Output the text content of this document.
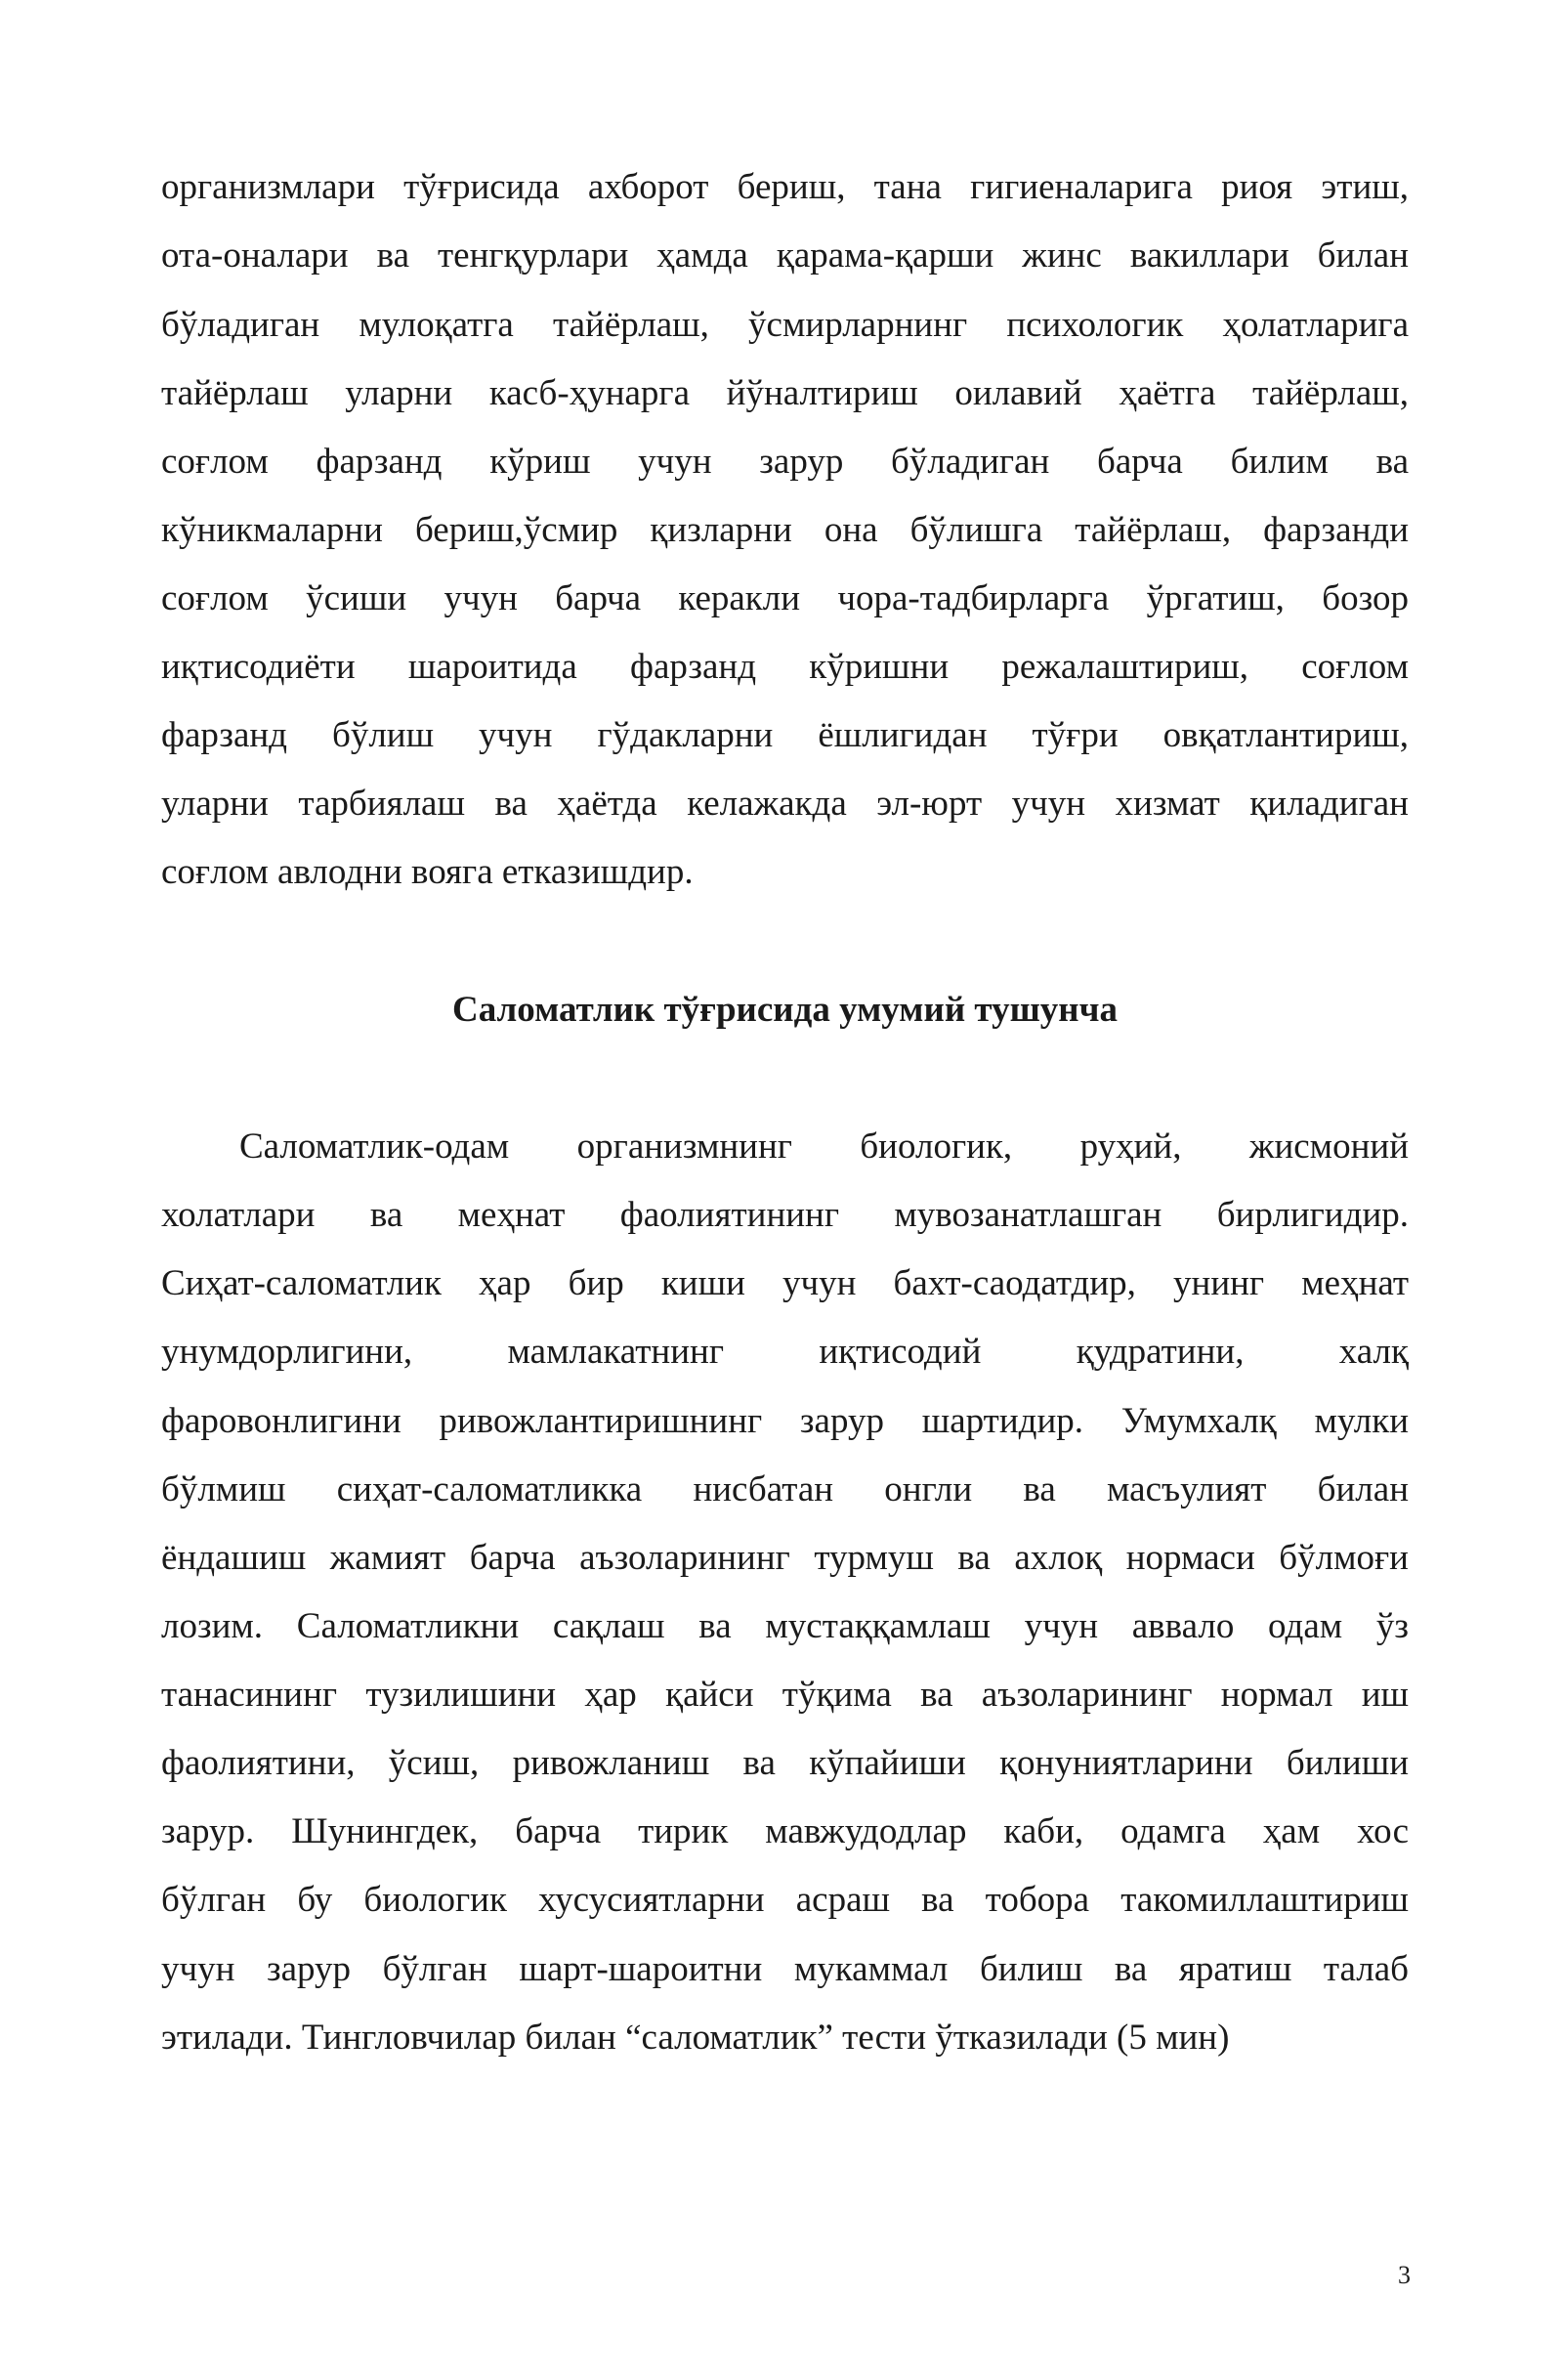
организмлари тўғрисида ахборот бериш, тана гигиеналарига риоя этиш,
ота-оналари ва тенгқурлари ҳамда қарама-қарши жинс вакиллари билан
бўладиган мулоқатга тайёрлаш, ўсмирларнинг психологик ҳолатларига
тайёрлаш уларни касб-ҳунарга йўналтириш оилавий ҳаётга тайёрлаш,
соғлом фарзанд кўриш учун зарур бўладиган барча билим ва
кўникмаларни бериш,ўсмир қизларни она бўлишга тайёрлаш, фарзанди
соғлом ўсиши учун барча керакли чора-тадбирларга ўргатиш, бозор
иқтисодиёти шароитида фарзанд кўришни режалаштириш, соғлом
фарзанд бўлиш учун гўдакларни ёшлигидан тўғри овқатлантириш,
уларни тарбиялаш ва ҳаётда келажакда эл-юрт учун хизмат қиладиган
соғлом авлодни вояга етказишдир.
Саломатлик тўғрисида умумий тушунча
Саломатлик-одам организмнинг биологик, руҳий, жисмоний
холатлари ва меҳнат фаолиятининг мувозанатлашган бирлигидир.
Сиҳат-саломатлик ҳар бир киши учун бахт-саодатдир, унинг меҳнат
унумдорлигини, мамлакатнинг иқтисодий қудратини, халқ
фаровонлигини ривожлантиришнинг зарур шартидир. Умумхалқ мулки
бўлмиш сиҳат-саломатликка нисбатан онгли ва масъулият билан
ёндашиш жамият барча аъзоларининг турмуш ва ахлоқ нормаси бўлмоғи
лозим. Саломатликни сақлаш ва мустаққамлаш учун аввало одам ўз
танасининг тузилишини ҳар қайси тўқима ва аъзоларининг нормал иш
фаолиятини, ўсиш, ривожланиш ва кўпайиши қонуниятларини билиши
зарур. Шунингдек, барча тирик мавжудодлар каби, одамга ҳам хос
бўлган бу биологик хусусиятларни асраш ва тобора такомиллаштириш
учун зарур бўлган шарт-шароитни мукаммал билиш ва яратиш талаб
этилади. Тингловчилар билан “саломатлик” тести ўтказилади (5 мин)
3
